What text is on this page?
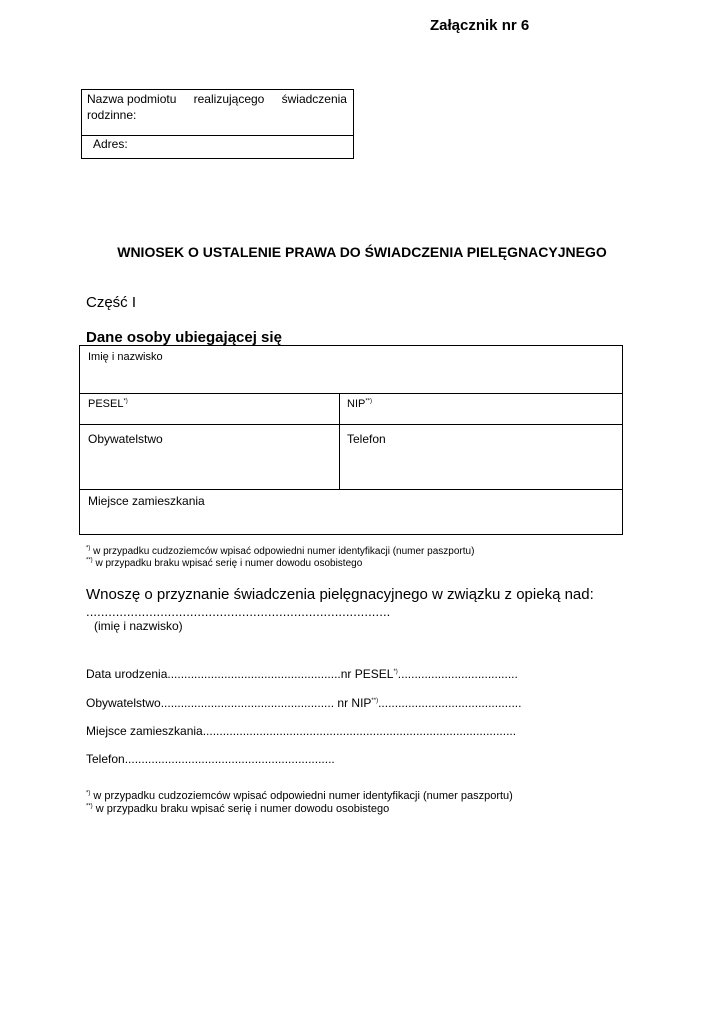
Załącznik nr 6
Nazwa podmiotu realizującego świadczenia
rodzinne:
Adres:
WNIOSEK O USTALENIE PRAWA DO ŚWIADCZENIA PIELĘGNACYJNEGO
Część I
Dane osoby ubiegającej się
Imię i nazwisko
PESEL*)	NIP**)
Obywatelstwo	Telefon
Miejsce zamieszkania
*) w przypadku cudzoziemców wpisać odpowiedni numer identyfikacji (numer paszportu)
**) w przypadku braku wpisać serię i numer dowodu osobistego
Wnoszę o przyznanie świadczenia pielęgnacyjnego w związku z opieką nad:
..................................................................................
(imię i nazwisko)
Data urodzenia....................................................nr PESEL*)....................................
Obywatelstwo.................................................... nr NIP**)...........................................
Miejsce zamieszkania..............................................................................................
Telefon...............................................................
*) w przypadku cudzoziemców wpisać odpowiedni numer identyfikacji (numer paszportu)
**) w przypadku braku wpisać serię i numer dowodu osobistego
